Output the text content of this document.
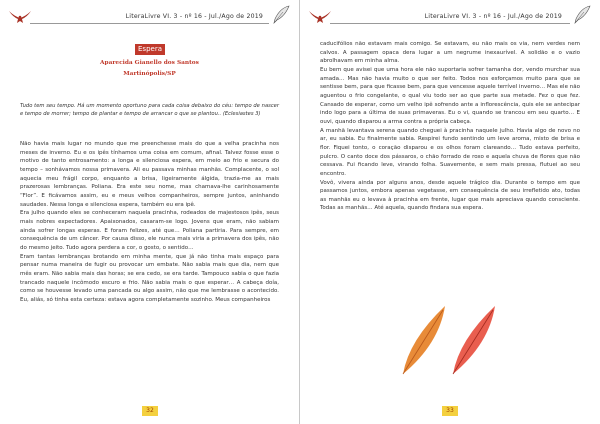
LiteraLivre VI. 3 - nº 16 - Jul./Ago de 2019
Espera
Aparecida Gianello dos Santos
Martinópolis/SP
Tudo tem seu tempo. Há um momento oportuno para cada coisa debaixo do céu: tempo de nascer e tempo de morrer; tempo de plantar e tempo de arrancar o que se plantou.. (Eclesiastes 3)

Não havia mais lugar no mundo que me preenchesse mais do que a velha pracinha nos meses de inverno. Eu e os ipês tínhamos uma coisa em comum, afinal. Talvez fosse esse o motivo de tanto entrosamento: a longa e silenciosa espera, em meio ao frio e secura do tempo – sonhávamos nossa primavera. Ali eu passava minhas manhãs. Complacente, o sol aquecia meu frágil corpo, enquanto a brisa, ligeiramente álgida, trazia-me as mais prazerosas lembranças. Poliana. Era este seu nome, mas chamava-lhe carinhosamente “Flor”. E ficávamos assim, eu e meus velhos companheiros, sempre juntos, aninhando saudades. Nessa longa e silenciosa espera, também eu era ipê.

Era julho quando eles se conheceram naquela pracinha, rodeados de majestosos ipês, seus mais nobres expectadores. Apaixonados, casaram-se logo. Jovens que eram, não sabiam ainda sofrer longas esperas. E foram felizes, até que… Poliana partiria. Para sempre, em consequência de um câncer. Por causa disso, ele nunca mais viria a primavera dos ipês, não do mesmo jeito. Tudo agora perdera a cor, o gosto, o sentido…

Eram tantas lembranças brotando em minha mente, que já não tinha mais espaço para pensar numa maneira de fugir ou provocar um embate. Não sabia mais que dia, nem que mês eram. Não sabia mais das horas; se era cedo, se era tarde. Tampouco sabia o que fazia trancado naquele incômodo escuro e frio. Não sabia mais o que esperar… A cabeça doía, como se houvesse levado uma pancada ou algo assim, não que me lembrasse o acontecido. Eu, aliás, só tinha esta certeza: estava agora completamente sozinho. Meus companheiros

32
LiteraLivre VI. 3 - nº 16 - Jul./Ago de 2019

caducifólios não estavam mais comigo. Se estavam, eu não mais os via, nem verdes nem calvos. A passagem opaca dera lugar a um negrume inexaurível. A solidão e o vazio abrolhavam em minha alma.

Eu bem que avisei que uma hora ele não suportaria sofrer tamanha dor, vendo murchar sua amada… Mas não havia muito o que ser feito. Todos nos esforçamos muito para que se sentisse bem, para que ficasse bem, para que vencesse aquele terrível inverno… Mas ele não aguentou o frio congelante, o qual viu todo ser ao que parte sua metade. Fez o que fez. Cansado de esperar, como um velho ipê sofrendo ante a inflorescência, quis ele se antecipar indo logo para a última de suas primaveras. Eu o vi, quando se trancou em seu quarto… E ouvi, quando disparou a arma contra a própria cabeça.

A manhã levantava serena quando cheguei à pracinha naquele julho. Havia algo de novo no ar, eu sabia. Eu finalmente sabia. Respirei fundo sentindo um leve aroma, misto de brisa e flor. Fiquei tonto, o coração disparou e os olhos foram clareando… Tudo estava perfeito, pulcro. O canto doce dos pássaros, o chão forrado de roxo e aquela chuva de flores que não cessava. Fui ficando leve, virando folha. Suavemente, e sem mais pressa, flutuei ao seu encontro.

Vovô, vivera ainda por alguns anos, desde aquele trágico dia. Durante o tempo em que passamos juntos, embora apenas vegetasse, em consequência de seu irrefletido ato, todas as manhãs eu o levava à pracinha em frente, lugar que mais apreciava quando consciente. Todas as manhãs… Até aquela, quando findara sua espera.

33
